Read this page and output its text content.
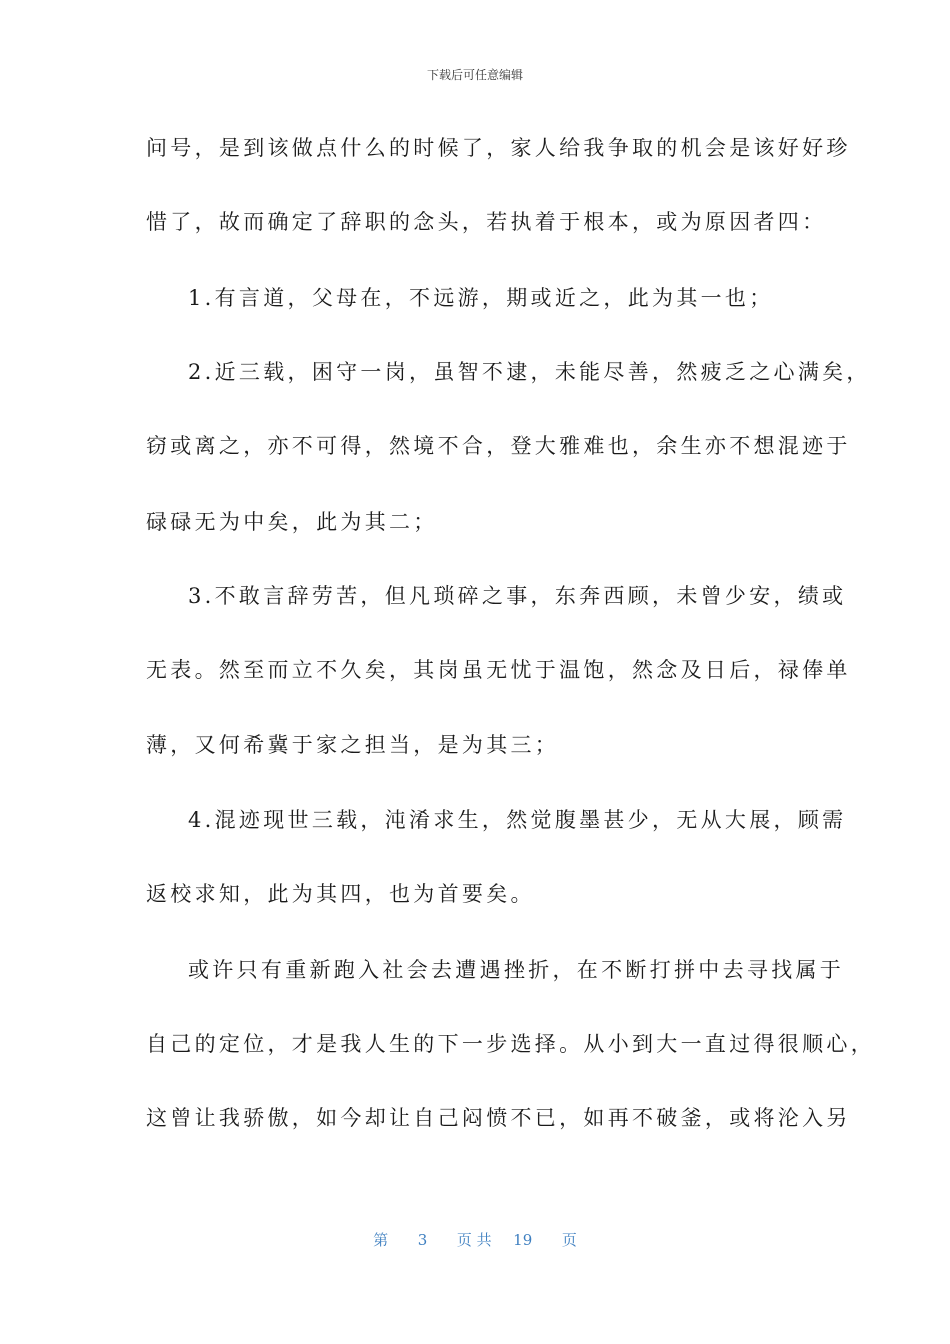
下载后可任意编辑
问号，是到该做点什么的时候了，家人给我争取的机会是该好好珍
惜了，故而确定了辞职的念头，若执着于根本，或为原因者四：
1.有言道，父母在，不远游，期或近之，此为其一也；
2.近三载，困守一岗，虽智不逮，未能尽善，然疲乏之心满矣，
窃或离之，亦不可得，然境不合，登大雅难也，余生亦不想混迹于
碌碌无为中矣，此为其二；
3.不敢言辞劳苦，但凡琐碎之事，东奔西顾，未曾少安，绩或
无表。然至而立不久矣，其岗虽无忧于温饱，然念及日后，禄俸单
薄，又何希冀于家之担当，是为其三；
4.混迹现世三载，沌淆求生，然觉腹墨甚少，无从大展，顾需
返校求知，此为其四，也为首要矣。
或许只有重新跑入社会去遭遇挫折，在不断打拼中去寻找属于
自己的定位，才是我人生的下一步选择。从小到大一直过得很顺心，
这曾让我骄傲，如今却让自己闷愤不已，如再不破釜，或将沦入另
第 3 页 共 19 页
